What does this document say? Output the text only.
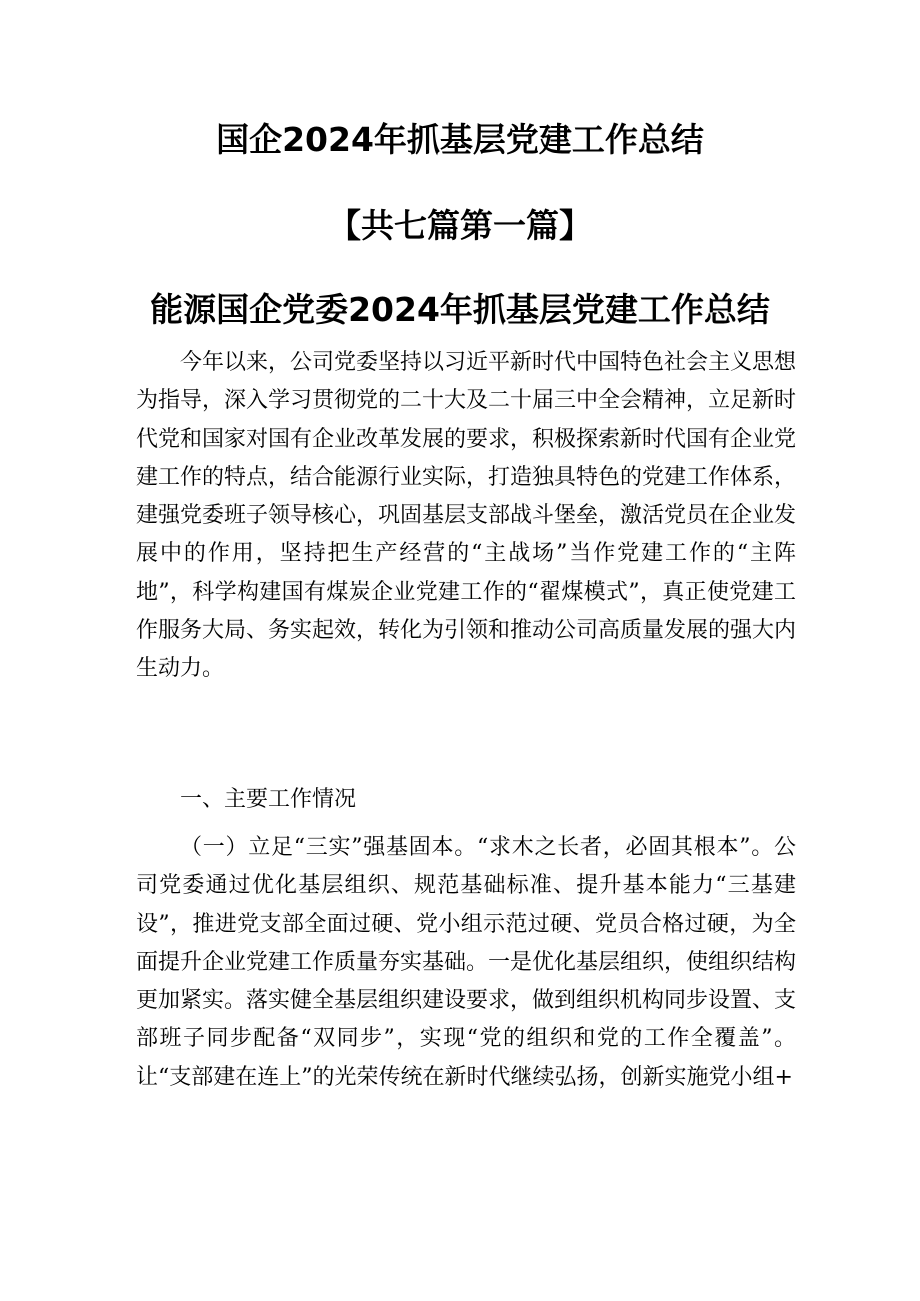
国企2024年抓基层党建工作总结
【共七篇第一篇】
能源国企党委2024年抓基层党建工作总结

今年以来，公司党委坚持以习近平新时代中国特色社会主义思想为指导，深入学习贯彻党的二十大及二十届三中全会精神，立足新时代党和国家对国有企业改革发展的要求，积极探索新时代国有企业党建工作的特点，结合能源行业实际，打造独具特色的党建工作体系，建强党委班子领导核心，巩固基层支部战斗堡垒，激活党员在企业发展中的作用，坚持把生产经营的“主战场”当作党建工作的“主阵地”，科学构建国有煤炭企业党建工作的“翟煤模式”，真正使党建工作服务大局、务实起效，转化为引领和推动公司高质量发展的强大内生动力。

一、主要工作情况

（一）立足“三实”强基固本。“求木之长者，必固其根本”。公司党委通过优化基层组织、规范基础标准、提升基本能力“三基建设”，推进党支部全面过硬、党小组示范过硬、党员合格过硬，为全面提升企业党建工作质量夯实基础。一是优化基层组织，使组织结构更加紧实。落实健全基层组织建设要求，做到组织机构同步设置、支部班子同步配备“双同步”，实现“党的组织和党的工作全覆盖”。让“支部建在连上”的光荣传统在新时代继续弘扬，创新实施党小组+
